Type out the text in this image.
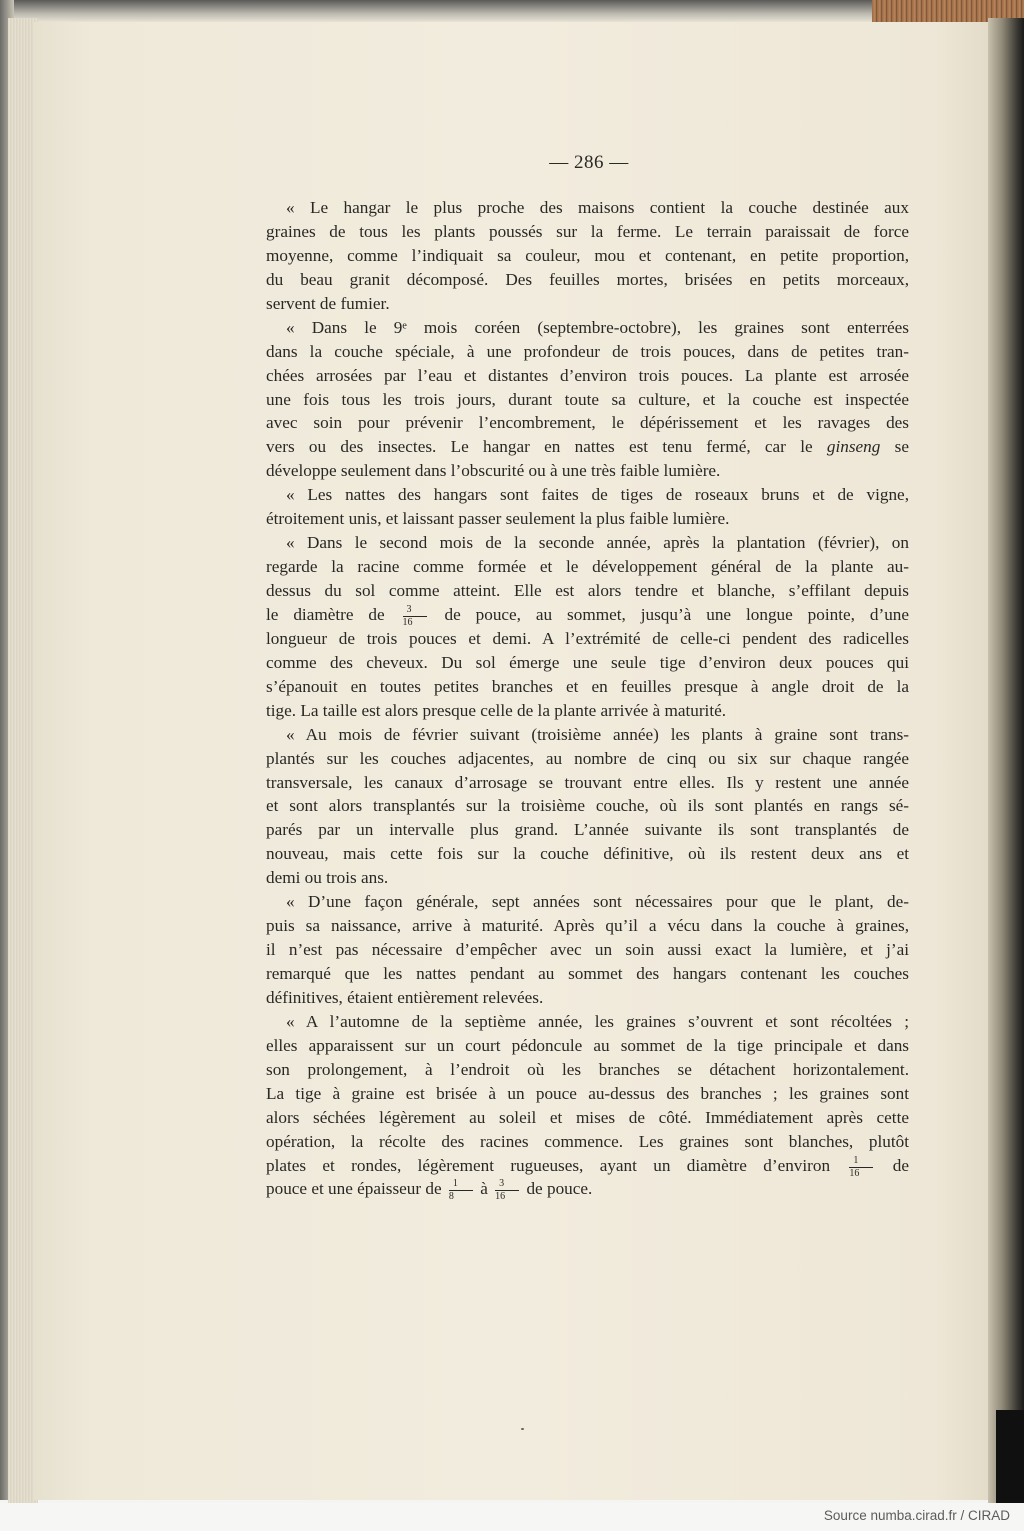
— 286 —
« Le hangar le plus proche des maisons contient la couche destinée aux
graines de tous les plants poussés sur la ferme. Le terrain paraissait de force
moyenne, comme l’indiquait sa couleur, mou et contenant, en petite proportion,
du beau granit décomposé. Des feuilles mortes, brisées en petits morceaux,
servent de fumier.
« Dans le 9ᵉ mois coréen (septembre-octobre), les graines sont enterrées
dans la couche spéciale, à une profondeur de trois pouces, dans de petites tran-
chées arrosées par l’eau et distantes d’environ trois pouces. La plante est arrosée
une fois tous les trois jours, durant toute sa culture, et la couche est inspectée
avec soin pour prévenir l’encombrement, le dépérissement et les ravages des
vers ou des insectes. Le hangar en nattes est tenu fermé, car le ginseng se
développe seulement dans l’obscurité ou à une très faible lumière.
« Les nattes des hangars sont faites de tiges de roseaux bruns et de vigne,
étroitement unis, et laissant passer seulement la plus faible lumière.
« Dans le second mois de la seconde année, après la plantation (février), on
regarde la racine comme formée et le développement général de la plante au-
dessus du sol comme atteint. Elle est alors tendre et blanche, s’effilant depuis
le diamètre de $\frac{3}{16}$ de pouce, au sommet, jusqu’à une longue pointe, d’une
longueur de trois pouces et demi. A l’extrémité de celle-ci pendent des radicelles
comme des cheveux. Du sol émerge une seule tige d’environ deux pouces qui
s’épanouit en toutes petites branches et en feuilles presque à angle droit de la
tige. La taille est alors presque celle de la plante arrivée à maturité.
« Au mois de février suivant (troisième année) les plants à graine sont trans-
plantés sur les couches adjacentes, au nombre de cinq ou six sur chaque rangée
transversale, les canaux d’arrosage se trouvant entre elles. Ils y restent une année
et sont alors transplantés sur la troisième couche, où ils sont plantés en rangs sé-
parés par un intervalle plus grand. L’année suivante ils sont transplantés de
nouveau, mais cette fois sur la couche définitive, où ils restent deux ans et
demi ou trois ans.
« D’une façon générale, sept années sont nécessaires pour que le plant, de-
puis sa naissance, arrive à maturité. Après qu’il a vécu dans la couche à graines,
il n’est pas nécessaire d’empêcher avec un soin aussi exact la lumière, et j’ai
remarqué que les nattes pendant au sommet des hangars contenant les couches
définitives, étaient entièrement relevées.
« A l’automne de la septième année, les graines s’ouvrent et sont récoltées ;
elles apparaissent sur un court pédoncule au sommet de la tige principale et dans
son prolongement, à l’endroit où les branches se détachent horizontalement.
La tige à graine est brisée à un pouce au-dessus des branches ; les graines sont
alors séchées légèrement au soleil et mises de côté. Immédiatement après cette
opération, la récolte des racines commence. Les graines sont blanches, plutôt
plates et rondes, légèrement rugueuses, ayant un diamètre d’environ $\frac{1}{16}$ de
pouce et une épaisseur de $\frac{1}{8}$ à $\frac{3}{16}$ de pouce.
Source numba.cirad.fr / CIRAD
